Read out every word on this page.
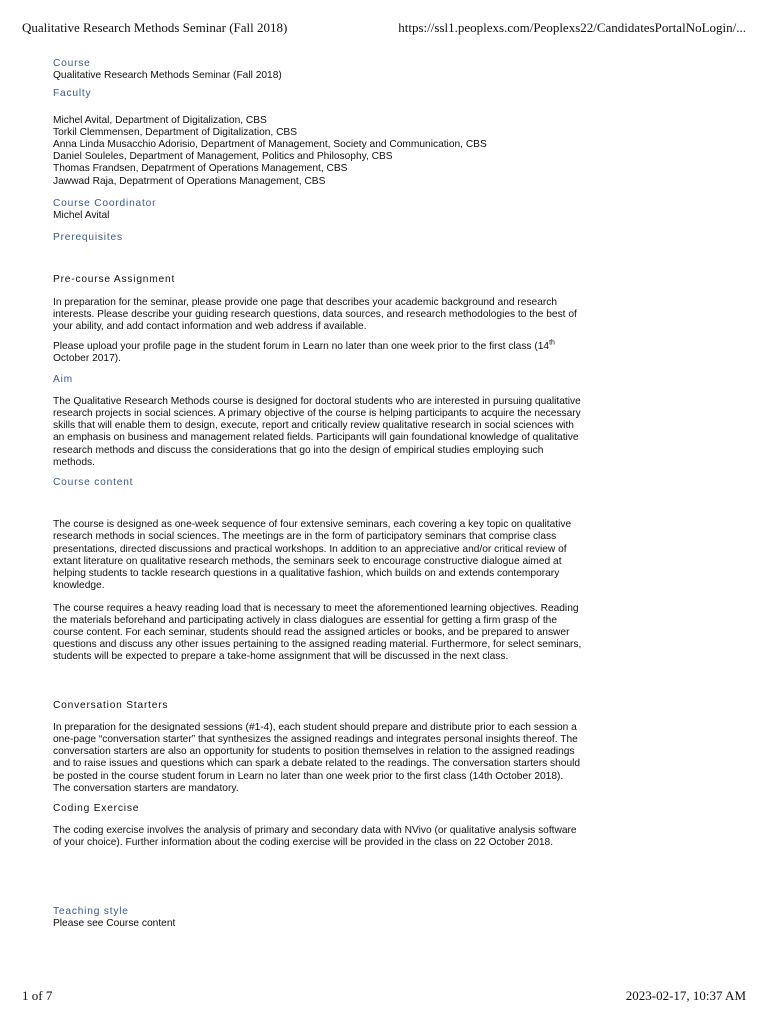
Qualitative Research Methods Seminar (Fall 2018)	https://ssl1.peoplexs.com/Peoplexs22/CandidatesPortalNoLogin/...
Course
Qualitative Research Methods Seminar (Fall 2018)
Faculty
Michel Avital, Department of Digitalization, CBS
Torkil Clemmensen, Department of Digitalization, CBS
Anna Linda Musacchio Adorisio, Department of Management, Society and Communication, CBS
Daniel Souleles, Department of Management, Politics and Philosophy, CBS
Thomas Frandsen, Depatrment of Operations Management, CBS
Jawwad Raja, Depatrment of Operations Management, CBS
Course Coordinator
Michel Avital
Prerequisites
Pre-course Assignment

In preparation for the seminar, please provide one page that describes your academic background and research
interests. Please describe your guiding research questions, data sources, and research methodologies to the best of
your ability, and add contact information and web address if available.

Please upload your profile page in the student forum in Learn no later than one week prior to the first class (14th
October 2017).

Aim

The Qualitative Research Methods course is designed for doctoral students who are interested in pursuing qualitative
research projects in social sciences. A primary objective of the course is helping participants to acquire the necessary
skills that will enable them to design, execute, report and critically review qualitative research in social sciences with
an emphasis on business and management related fields. Participants will gain foundational knowledge of qualitative
research methods and discuss the considerations that go into the design of empirical studies employing such
methods.

Course content

The course is designed as one-week sequence of four extensive seminars, each covering a key topic on qualitative
research methods in social sciences. The meetings are in the form of participatory seminars that comprise class
presentations, directed discussions and practical workshops. In addition to an appreciative and/or critical review of
extant literature on qualitative research methods, the seminars seek to encourage constructive dialogue aimed at
helping students to tackle research questions in a qualitative fashion, which builds on and extends contemporary
knowledge.

The course requires a heavy reading load that is necessary to meet the aforementioned learning objectives. Reading
the materials beforehand and participating actively in class dialogues are essential for getting a firm grasp of the
course content. For each seminar, students should read the assigned articles or books, and be prepared to answer
questions and discuss any other issues pertaining to the assigned reading material. Furthermore, for select seminars,
students will be expected to prepare a take-home assignment that will be discussed in the next class.

Conversation Starters

In preparation for the designated sessions (#1-4), each student should prepare and distribute prior to each session a
one-page “conversation starter” that synthesizes the assigned readings and integrates personal insights thereof. The
conversation starters are also an opportunity for students to position themselves in relation to the assigned readings
and to raise issues and questions which can spark a debate related to the readings. The conversation starters should
be posted in the course student forum in Learn no later than one week prior to the first class (14th October 2018).
The conversation starters are mandatory.

Coding Exercise

The coding exercise involves the analysis of primary and secondary data with NVivo (or qualitative analysis software
of your choice). Further information about the coding exercise will be provided in the class on 22 October 2018.

Teaching style
Please see Course content
1 of 7	2023-02-17, 10:37 AM
